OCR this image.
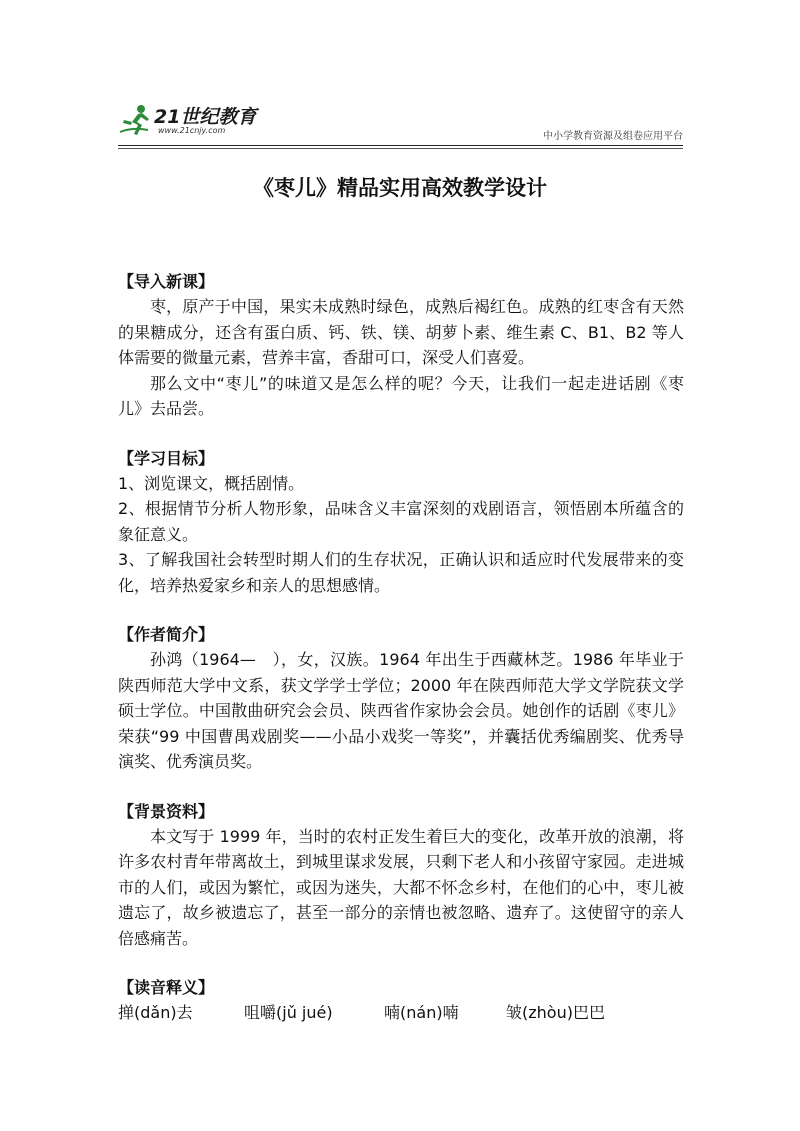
21世纪教育
www.21cnjy.com
中小学教育资源及组卷应用平台
《枣儿》精品实用高效教学设计
【导入新课】

枣，原产于中国，果实未成熟时绿色，成熟后褐红色。成熟的红枣含有天然的果糖成分，还含有蛋白质、钙、铁、镁、胡萝卜素、维生素 C、B1、B2 等人体需要的微量元素，营养丰富，香甜可口，深受人们喜爱。

那么文中“枣儿”的味道又是怎么样的呢？今天，让我们一起走进话剧《枣儿》去品尝。

【学习目标】

1、浏览课文，概括剧情。

2、根据情节分析人物形象，品味含义丰富深刻的戏剧语言，领悟剧本所蕴含的象征意义。

3、了解我国社会转型时期人们的生存状况，正确认识和适应时代发展带来的变化，培养热爱家乡和亲人的思想感情。

【作者简介】

孙鸿（1964—　），女，汉族。1964 年出生于西藏林芝。1986 年毕业于陕西师范大学中文系，获文学学士学位；2000 年在陕西师范大学文学院获文学硕士学位。中国散曲研究会会员、陕西省作家协会会员。她创作的话剧《枣儿》荣获“99 中国曹禺戏剧奖——小品小戏奖一等奖”，并囊括优秀编剧奖、优秀导演奖、优秀演员奖。

【背景资料】

本文写于 1999 年，当时的农村正发生着巨大的变化，改革开放的浪潮，将许多农村青年带离故土，到城里谋求发展，只剩下老人和小孩留守家园。走进城市的人们，或因为繁忙，或因为迷失，大都不怀念乡村，在他们的心中，枣儿被遗忘了，故乡被遗忘了，甚至一部分的亲情也被忽略、遗弃了。这使留守的亲人倍感痛苦。

【读音释义】
掸(dǎn)去	咀嚼(jǔ jué)	喃(nán)喃	皱(zhòu)巴巴
